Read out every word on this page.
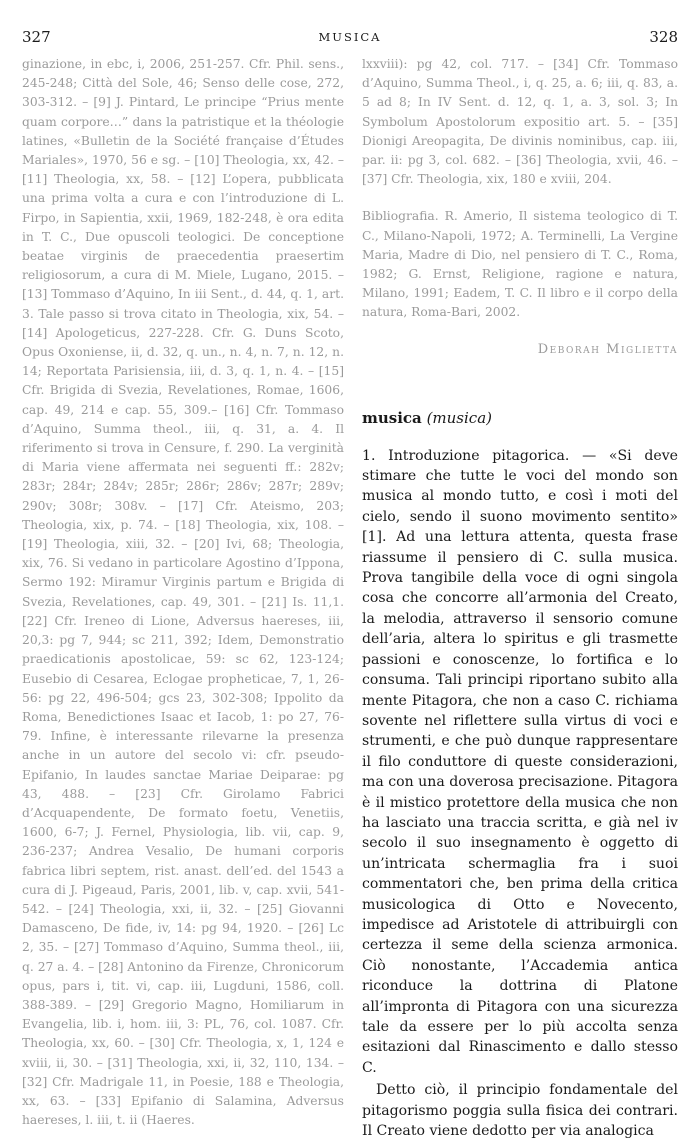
327	MUSICA	328
ginazione, in ebc, i, 2006, 251-257. Cfr. Phil. sens., 245-248; Città del Sole, 46; Senso delle cose, 272, 303-312. – [9] J. Pintard, Le principe “Prius mente quam corpore…” dans la patristique et la théologie latines, «Bulletin de la Société française d’Études Mariales», 1970, 56 e sg. – [10] Theologia, xx, 42. – [11] Theologia, xx, 58. – [12] L’opera, pubblicata una prima volta a cura e con l’introduzione di L. Firpo, in Sapientia, xxii, 1969, 182-248, è ora edita in T. C., Due opuscoli teologici. De conceptione beatae virginis de praecedentia praesertim religiosorum, a cura di M. Miele, Lugano, 2015. – [13] Tommaso d’Aquino, In iii Sent., d. 44, q. 1, art. 3. Tale passo si trova citato in Theologia, xix, 54. – [14] Apologeticus, 227-228. Cfr. G. Duns Scoto, Opus Oxoniense, ii, d. 32, q. un., n. 4, n. 7, n. 12, n. 14; Reportata Parisiensia, iii, d. 3, q. 1, n. 4. – [15] Cfr. Brigida di Svezia, Revelationes, Romae, 1606, cap. 49, 214 e cap. 55, 309.– [16] Cfr. Tommaso d’Aquino, Summa theol., iii, q. 31, a. 4. Il riferimento si trova in Censure, f. 290. La verginità di Maria viene affermata nei seguenti ff.: 282v; 283r; 284r; 284v; 285r; 286r; 286v; 287r; 289v; 290v; 308r; 308v. – [17] Cfr. Ateismo, 203; Theologia, xix, p. 74. – [18] Theologia, xix, 108. – [19] Theologia, xiii, 32. – [20] Ivi, 68; Theologia, xix, 76. Si vedano in particolare Agostino d’Ippona, Sermo 192: Miramur Virginis partum e Brigida di Svezia, Revelationes, cap. 49, 301. – [21] Is. 11,1. [22] Cfr. Ireneo di Lione, Adversus haereses, iii, 20,3: pg 7, 944; sc 211, 392; Idem, Demonstratio praedicationis apostolicae, 59: sc 62, 123-124; Eusebio di Cesarea, Eclogae propheticae, 7, 1, 26-56: pg 22, 496-504; gcs 23, 302-308; Ippolito da Roma, Benedictiones Isaac et Iacob, 1: po 27, 76-79. Infine, è interessante rilevarne la presenza anche in un autore del secolo vi: cfr. pseudo-Epifanio, In laudes sanctae Mariae Deiparae: pg 43, 488. – [23] Cfr. Girolamo Fabrici d’Acquapendente, De formato foetu, Venetiis, 1600, 6-7; J. Fernel, Physiologia, lib. vii, cap. 9, 236-237; Andrea Vesalio, De humani corporis fabrica libri septem, rist. anast. dell’ed. del 1543 a cura di J. Pigeaud, Paris, 2001, lib. v, cap. xvii, 541-542. – [24] Theologia, xxi, ii, 32. – [25] Giovanni Damasceno, De fide, iv, 14: pg 94, 1920. – [26] Lc 2, 35. – [27] Tommaso d’Aquino, Summa theol., iii, q. 27 a. 4. – [28] Antonino da Firenze, Chronicorum opus, pars i, tit. vi, cap. iii, Lugduni, 1586, coll. 388-389. – [29] Gregorio Magno, Homiliarum in Evangelia, lib. i, hom. iii, 3: PL, 76, col. 1087. Cfr. Theologia, xx, 60. – [30] Cfr. Theologia, x, 1, 124 e xviii, ii, 30. – [31] Theologia, xxi, ii, 32, 110, 134. – [32] Cfr. Madrigale 11, in Poesie, 188 e Theologia, xx, 63. – [33] Epifanio di Salamina, Adversus haereses, l. iii, t. ii (Haeres.
lxxviii): pg 42, col. 717. – [34] Cfr. Tommaso d’Aquino, Summa Theol., i, q. 25, a. 6; iii, q. 83, a. 5 ad 8; In IV Sent. d. 12, q. 1, a. 3, sol. 3; In Symbolum Apostolorum expositio art. 5. – [35] Dionigi Areopagita, De divinis nominibus, cap. iii, par. ii: pg 3, col. 682. – [36] Theologia, xvii, 46. – [37] Cfr. Theologia, xix, 180 e xviii, 204.
Bibliografia. R. Amerio, Il sistema teologico di T. C., Milano-Napoli, 1972; A. Terminelli, La Vergine Maria, Madre di Dio, nel pensiero di T. C., Roma, 1982; G. Ernst, Religione, ragione e natura, Milano, 1991; Eadem, T. C. Il libro e il corpo della natura, Roma-Bari, 2002.
Deborah Miglietta
musica (musica)

1. Introduzione pitagorica. — «Si deve stimare che tutte le voci del mondo son musica al mondo tutto, e così i moti del cielo, sendo il suono movimento sentito» [1]. Ad una lettura attenta, questa frase riassume il pensiero di C. sulla musica. Prova tangibile della voce di ogni singola cosa che concorre all’armonia del Creato, la melodia, attraverso il sensorio comune dell’aria, altera lo spiritus e gli trasmette passioni e conoscenze, lo fortifica e lo consuma. Tali principi riportano subito alla mente Pitagora, che non a caso C. richiama sovente nel riflettere sulla virtus di voci e strumenti, e che può dunque rappresentare il filo conduttore di queste considerazioni, ma con una doverosa precisazione. Pitagora è il mistico protettore della musica che non ha lasciato una traccia scritta, e già nel iv secolo il suo insegnamento è oggetto di un’intricata schermaglia fra i suoi commentatori che, ben prima della critica musicologica di Otto e Novecento, impedisce ad Aristotele di attribuirgli con certezza il seme della scienza armonica. Ciò nonostante, l’Accademia antica riconduce la dottrina di Platone all’impronta di Pitagora con una sicurezza tale da essere per lo più accolta senza esitazioni dal Rinascimento e dallo stesso C.

Detto ciò, il principio fondamentale del pitagorismo poggia sulla fisica dei contrari. Il Creato viene dedotto per via analogica
